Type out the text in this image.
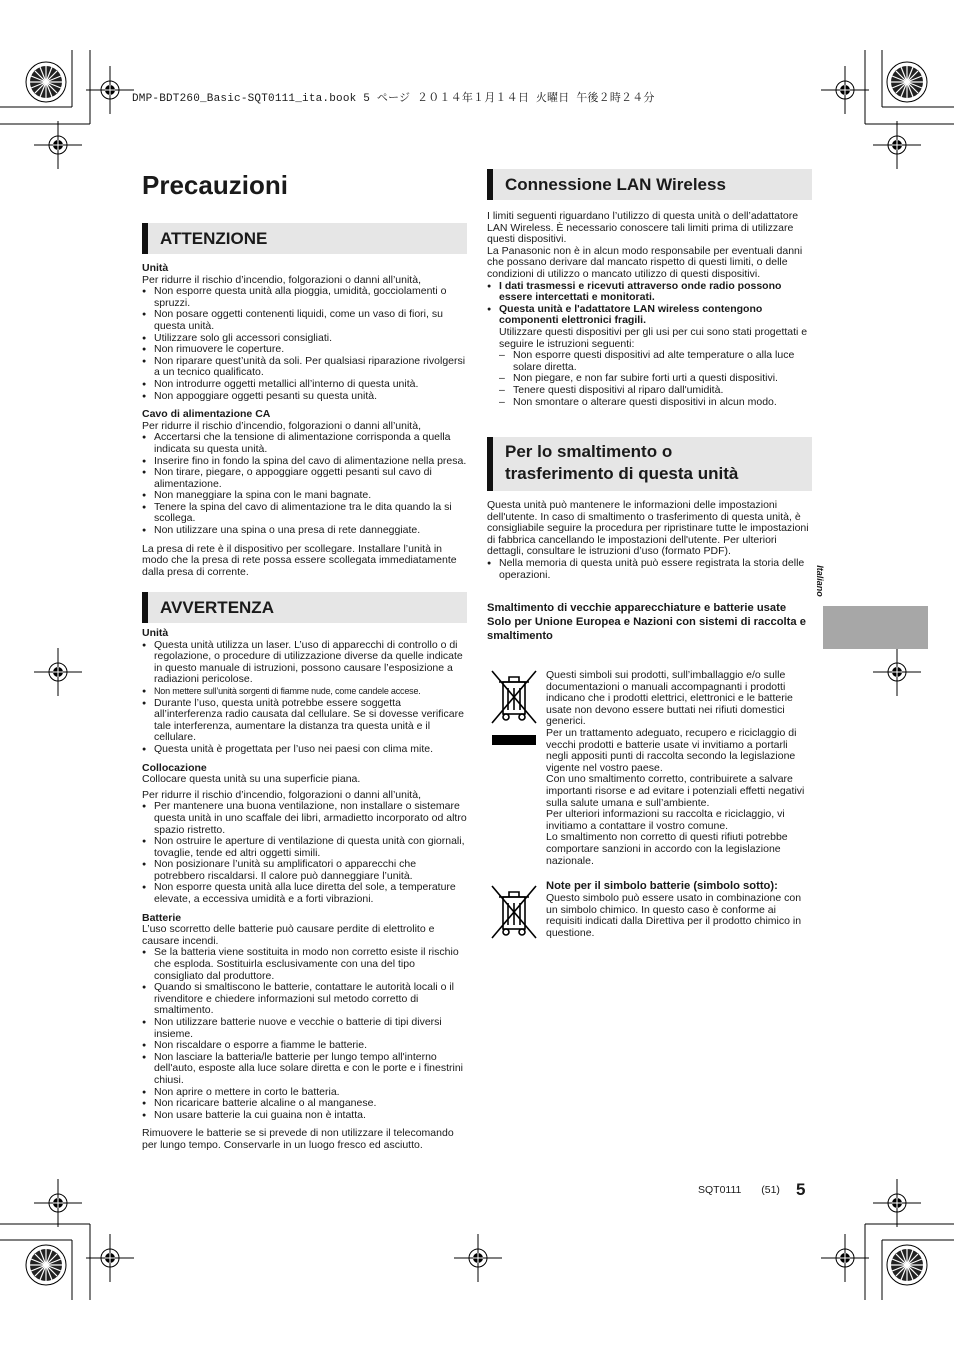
DMP-BDT260_Basic-SQT0111_ita.book 5 ページ ２０１４年１月１４日 火曜日 午後２時２４分
Precauzioni
ATTENZIONE

Unità

Per ridurre il rischio d’incendio, folgorazioni o danni all’unità,

● Non esporre questa unità alla pioggia, umidità, gocciolamenti o spruzzi.
● Non posare oggetti contenenti liquidi, come un vaso di fiori, su questa unità.
● Utilizzare solo gli accessori consigliati.
● Non rimuovere le coperture.
● Non riparare quest’unità da soli. Per qualsiasi riparazione rivolgersi a un tecnico qualificato.
● Non introdurre oggetti metallici all’interno di questa unità.
● Non appoggiare oggetti pesanti su questa unità.

Cavo di alimentazione CA

Per ridurre il rischio d’incendio, folgorazioni o danni all’unità,

● Accertarsi che la tensione di alimentazione corrisponda a quella indicata su questa unità.
● Inserire fino in fondo la spina del cavo di alimentazione nella presa.
● Non tirare, piegare, o appoggiare oggetti pesanti sul cavo di alimentazione.
● Non maneggiare la spina con le mani bagnate.
● Tenere la spina del cavo di alimentazione tra le dita quando la si scollega.
● Non utilizzare una spina o una presa di rete danneggiate.

La presa di rete è il dispositivo per scollegare. Installare l’unità in modo che la presa di rete possa essere scollegata immediatamente dalla presa di corrente.

AVVERTENZA

Unità

● Questa unità utilizza un laser. L’uso di apparecchi di controllo o di regolazione, o procedure di utilizzazione diverse da quelle indicate in questo manuale di istruzioni, possono causare l’esposizione a radiazioni pericolose.
● Non mettere sull’unità sorgenti di fiamme nude, come candele accese.
● Durante l’uso, questa unità potrebbe essere soggetta all’interferenza radio causata dal cellulare. Se si dovesse verificare tale interferenza, aumentare la distanza tra questa unità e il cellulare.
● Questa unità è progettata per l’uso nei paesi con clima mite.

Collocazione

Collocare questa unità su una superficie piana.

Per ridurre il rischio d’incendio, folgorazioni o danni all’unità,

● Per mantenere una buona ventilazione, non installare o sistemare questa unità in uno scaffale dei libri, armadietto incorporato od altro spazio ristretto.
● Non ostruire le aperture di ventilazione di questa unità con giornali, tovaglie, tende ed altri oggetti simili.
● Non posizionare l’unità su amplificatori o apparecchi che potrebbero riscaldarsi. Il calore può danneggiare l’unità.
● Non esporre questa unità alla luce diretta del sole, a temperature elevate, a eccessiva umidità e a forti vibrazioni.

Batterie

L’uso scorretto delle batterie può causare perdite di elettrolito e causare incendi.

● Se la batteria viene sostituita in modo non corretto esiste il rischio che esploda. Sostituirla esclusivamente con una del tipo consigliato dal produttore.
● Quando si smaltiscono le batterie, contattare le autorità locali o il rivenditore e chiedere informazioni sul metodo corretto di smaltimento.
● Non utilizzare batterie nuove e vecchie o batterie di tipi diversi insieme.
● Non riscaldare o esporre a fiamme le batterie.
● Non lasciare la batteria/le batterie per lungo tempo all'interno dell'auto, esposte alla luce solare diretta e con le porte e i finestrini chiusi.
● Non aprire o mettere in corto le batteria.
● Non ricaricare batterie alcaline o al manganese.
● Non usare batterie la cui guaina non è intatta.

Rimuovere le batterie se si prevede di non utilizzare il telecomando per lungo tempo. Conservarle in un luogo fresco ed asciutto.

Connessione LAN Wireless

I limiti seguenti riguardano l’utilizzo di questa unità o dell’adattatore LAN Wireless. È necessario conoscere tali limiti prima di utilizzare questi dispositivi.

La Panasonic non è in alcun modo responsabile per eventuali danni che possano derivare dal mancato rispetto di questi limiti, o delle condizioni di utilizzo o mancato utilizzo di questi dispositivi.

● I dati trasmessi e ricevuti attraverso onde radio possono essere intercettati e monitorati.
● Questa unità e l'adattatore LAN wireless contengono componenti elettronici fragili.
Utilizzare questi dispositivi per gli usi per cui sono stati progettati e seguire le istruzioni seguenti:
– Non esporre questi dispositivi ad alte temperature o alla luce solare diretta.
– Non piegare, e non far subire forti urti a questi dispositivi.
– Tenere questi dispositivi al riparo dall'umidità.
– Non smontare o alterare questi dispositivi in alcun modo.
Per lo smaltimento o
trasferimento di questa unità

Questa unità può mantenere le informazioni delle impostazioni dell'utente. In caso di smaltimento o trasferimento di questa unità, è consigliabile seguire la procedura per ripristinare tutte le impostazioni di fabbrica cancellando le impostazioni dell'utente. Per ulteriori dettagli, consultare le istruzioni d’uso (formato PDF).

● Nella memoria di questa unità può essere registrata la storia delle operazioni.
Smaltimento di vecchie apparecchiature e batterie usate
Solo per Unione Europea e Nazioni con sistemi di raccolta e smaltimento

Questi simboli sui prodotti, sull’imballaggio e/o sulle documentazioni o manuali accompagnanti i prodotti indicano che i prodotti elettrici, elettronici e le batterie usate non devono essere buttati nei rifiuti domestici generici.

Per un trattamento adeguato, recupero e riciclaggio di vecchi prodotti e batterie usate vi invitiamo a portarli negli appositi punti di raccolta secondo la legislazione vigente nel vostro paese.

Con uno smaltimento corretto, contribuirete a salvare importanti risorse e ad evitare i potenziali effetti negativi sulla salute umana e sull’ambiente.

Per ulteriori informazioni su raccolta e riciclaggio, vi invitiamo a contattare il vostro comune.

Lo smaltimento non corretto di questi rifiuti potrebbe comportare sanzioni in accordo con la legislazione nazionale.

Note per il simbolo batterie (simbolo sotto):

Questo simbolo può essere usato in combinazione con un simbolo chimico. In questo caso è conforme ai requisiti indicati dalla Direttiva per il prodotto chimico in questione.

Italiano
SQT0111 (51) 5
